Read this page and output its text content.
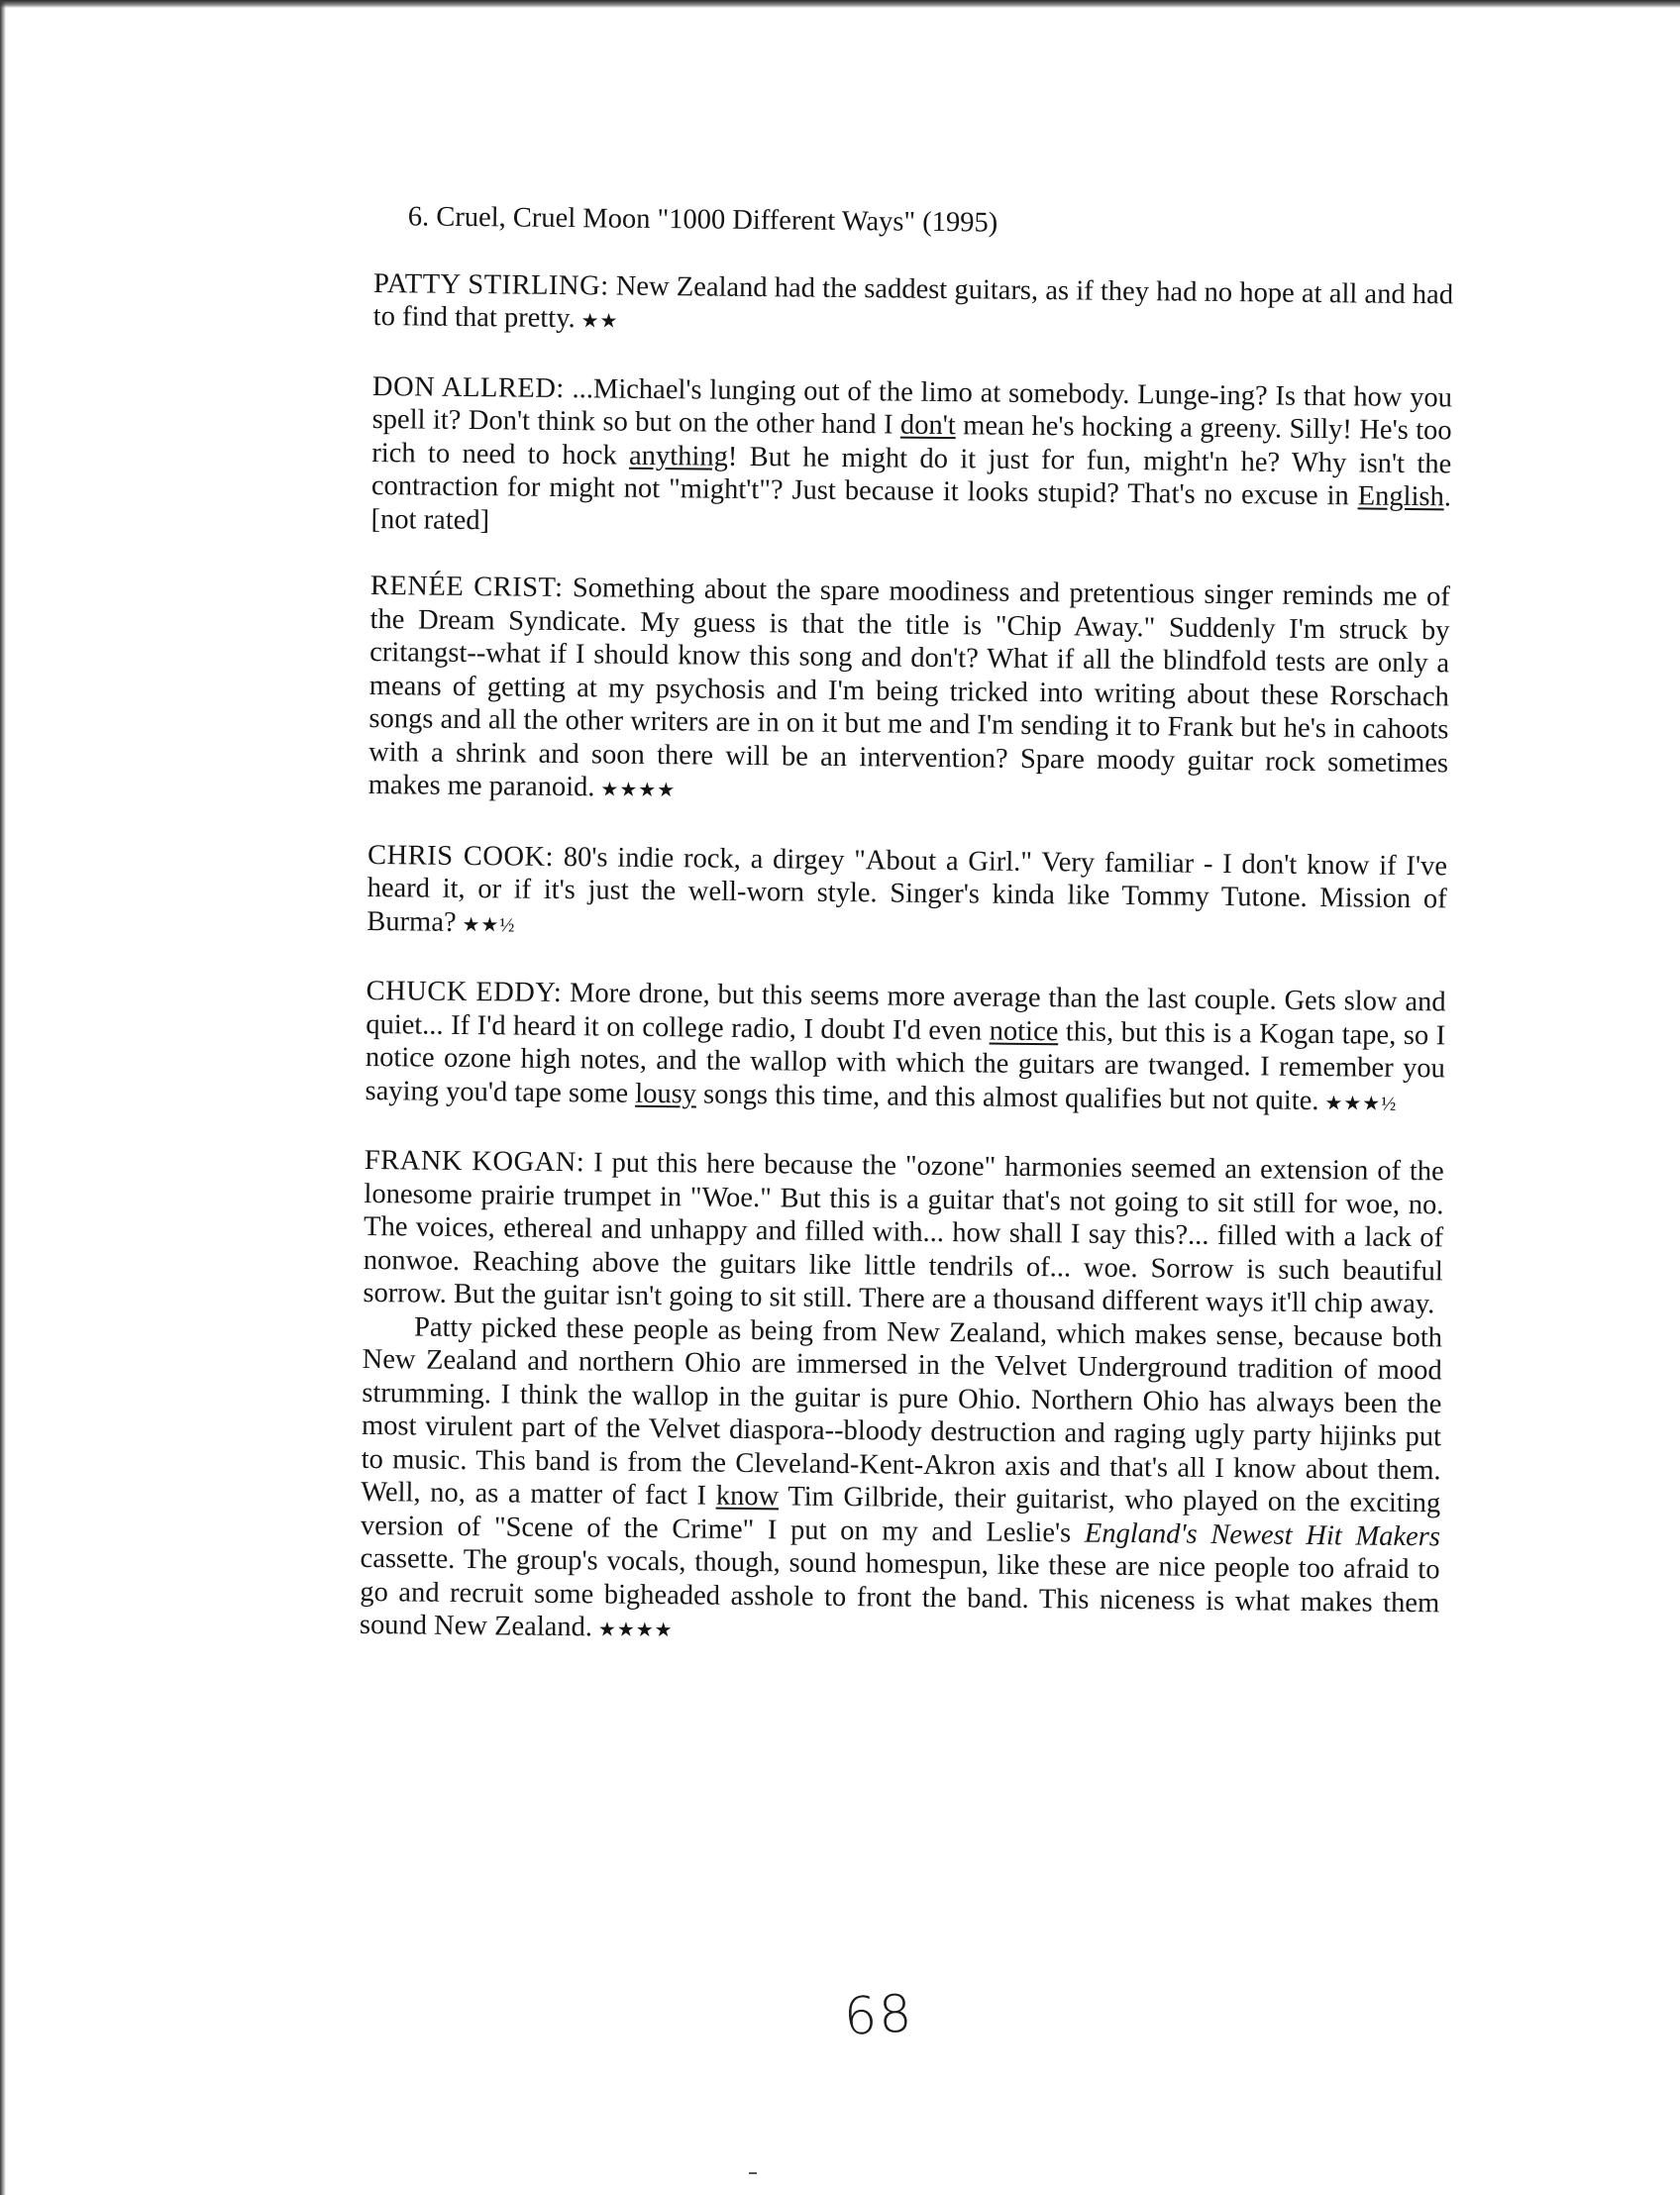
6. Cruel, Cruel Moon "1000 Different Ways" (1995)

PATTY STIRLING: New Zealand had the saddest guitars, as if they had no hope at all and had to find that pretty. ★★

DON ALLRED: ...Michael's lunging out of the limo at somebody. Lunge-ing? Is that how you spell it? Don't think so but on the other hand I don't mean he's hocking a greeny. Silly! He's too rich to need to hock anything! But he might do it just for fun, might'n he? Why isn't the contraction for might not "might't"? Just because it looks stupid? That's no excuse in English. [not rated]

RENÉE CRIST: Something about the spare moodiness and pretentious singer reminds me of the Dream Syndicate. My guess is that the title is "Chip Away." Suddenly I'm struck by critangst--what if I should know this song and don't? What if all the blindfold tests are only a means of getting at my psychosis and I'm being tricked into writing about these Rorschach songs and all the other writers are in on it but me and I'm sending it to Frank but he's in cahoots with a shrink and soon there will be an intervention? Spare moody guitar rock sometimes makes me paranoid. ★★★★

CHRIS COOK: 80's indie rock, a dirgey "About a Girl." Very familiar - I don't know if I've heard it, or if it's just the well-worn style. Singer's kinda like Tommy Tutone. Mission of Burma? ★★½

CHUCK EDDY: More drone, but this seems more average than the last couple. Gets slow and quiet... If I'd heard it on college radio, I doubt I'd even notice this, but this is a Kogan tape, so I notice ozone high notes, and the wallop with which the guitars are twanged. I remember you saying you'd tape some lousy songs this time, and this almost qualifies but not quite. ★★★½

FRANK KOGAN: I put this here because the "ozone" harmonies seemed an extension of the lonesome prairie trumpet in "Woe." But this is a guitar that's not going to sit still for woe, no. The voices, ethereal and unhappy and filled with... how shall I say this?... filled with a lack of nonwoe. Reaching above the guitars like little tendrils of... woe. Sorrow is such beautiful sorrow. But the guitar isn't going to sit still. There are a thousand different ways it'll chip away.

Patty picked these people as being from New Zealand, which makes sense, because both New Zealand and northern Ohio are immersed in the Velvet Underground tradition of mood strumming. I think the wallop in the guitar is pure Ohio. Northern Ohio has always been the most virulent part of the Velvet diaspora--bloody destruction and raging ugly party hijinks put to music. This band is from the Cleveland-Kent-Akron axis and that's all I know about them. Well, no, as a matter of fact I know Tim Gilbride, their guitarist, who played on the exciting version of "Scene of the Crime" I put on my and Leslie's England's Newest Hit Makers cassette. The group's vocals, though, sound homespun, like these are nice people too afraid to go and recruit some bigheaded asshole to front the band. This niceness is what makes them sound New Zealand. ★★★★

68
